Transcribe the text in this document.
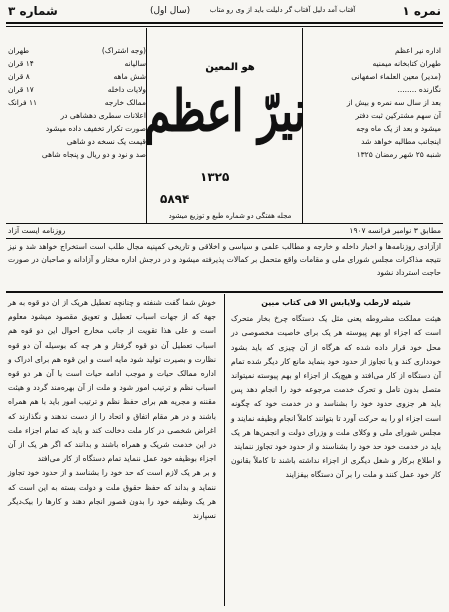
نمره ۱
شماره ۳	آفتاب آمد دلیل آفتاب گر دلیلت باید از وی رو متاب
(سال اول)
هو المعین
نیرّ اعظم
۱۳۲۵
۵۸۹۴
مجله هفتگی دو شماره طبع و توزیع میشود
اداره نیر اعظم
طهران کتابخانه میمنیه
(مدیر) معین العلماء اصفهانی
نگارنده ........
بعد از سال سه نمره و بیش از
آن سهم مشترکین ثبت دفتر
میشود و بعد از یک ماه وجه
اینجانب مطالبه خواهد شد
شنبه ۲۵ شهر رمضان ۱۳۲۵
(وجه اشتراک)
طهران
سالیانه
۱۴ قران
شش ماهه
۸ قران
ولایات داخله
۱۷ قران
ممالک خارجه
۱۱ فرانک
اعلانات سطری دهشاهی در
صورت تکرار تخفیف داده میشود
قیمت یک نسخه دو شاهی
صد و نود و دو ریال و پنجاه شاهی
مطابق ۳ نوامبر فرانسه ۱۹۰۷
روزنامه ایست آزاد
ازآزادی روزنامه‌ها و اخبار داخله و خارجه و مطالب علمی و سیاسی و اخلاقی و تاریخی کمپنیه مجال طلب است استخراج خواهد شد و نیز نتیجه مذاکرات مجلس شورای ملی و مقامات واقع متحمل بر کمالات پذیرفته میشود و در درجش اداره مختار و آزادانه و صاحبان در صورت حاجت استرداد نشود
شیئه لارطب ولایابس الا فی کتاب مبین

هیئت مملکت مشروطه یعنی مثل یک دستگاه چرخ بخار متحرک است که اجزاء او بهم پیوسته هر یک برای خاصیت مخصوصی در محل خود قرار داده شده که هرگاه از آن چیزی که باید بشود خودداری کند و یا تجاوز از حدود خود بنماید مانع کار دیگر شده تمام آن دستگاه از کار می‌افتد و هیچ‌یک از اجزاء او بهم پیوسته نمیتواند متصل بدون تامل و تحرک خدمت مرجوعه خود را انجام دهد پس باید هر جزوی حدود خود را بشناسد و در خدمت خود که چگونه است اجزاء او را به حرکت آورد تا بتوانند کاملاً انجام وظیفه نمایند و مجلس شورای ملی و وکلای ملت و وزرای دولت و انجمن‌ها هر یک باید در خدمت خود حد خود را بشناسند و از حدود خود تجاوز ننمایند

و اطلاع برکار و شغل دیگری از اجزاء نداشته باشند تا کاملاً بقانون کار خود عمل کنند و ملت را بر آن دستگاه بیفزایند

خوش شما گفت شنفته و چنانچه تعطیل هریک از ان دو قوه به هر جهة که از جهات اسباب تعطیل و تعویق مقصود میشود معلوم است و علی هذا تقویت از جانب مخارج احوال این دو قوه هم اسباب تعطیل آن دو قوه گرفتار و هر چه که بوسیله آن دو قوه نظارت و بصیرت تولید شود مایه است و این قوه هم برای ادراک و اداره ممالک حیات و موجب ادامه حیات است با آن هر دو قوه اسباب نظم و ترتیب امور شود و ملت از آن بهره‌مند گردد و هیئت مقننه و مجریه هم برای حفظ نظم و ترتیب امور باید با هم همراه باشند و در هر مقام اتفاق و اتحاد را از دست ندهند و نگذارند که اغراض شخصی در کار ملت دخالت کند و باید که تمام اجزاء ملت در این خدمت شریک و همراه باشند و بدانند که اگر هر یک از آن اجزاء بوظیفه خود عمل ننماید تمام دستگاه از کار می‌افتد

و بر هر یک لازم است که حد خود را بشناسد و از حدود خود تجاوز ننماید و بداند که حفظ حقوق ملت و دولت بسته به این است که هر یک وظیفه خود را بدون قصور انجام دهند و کارها را بیک‌دیگر نسپارند
